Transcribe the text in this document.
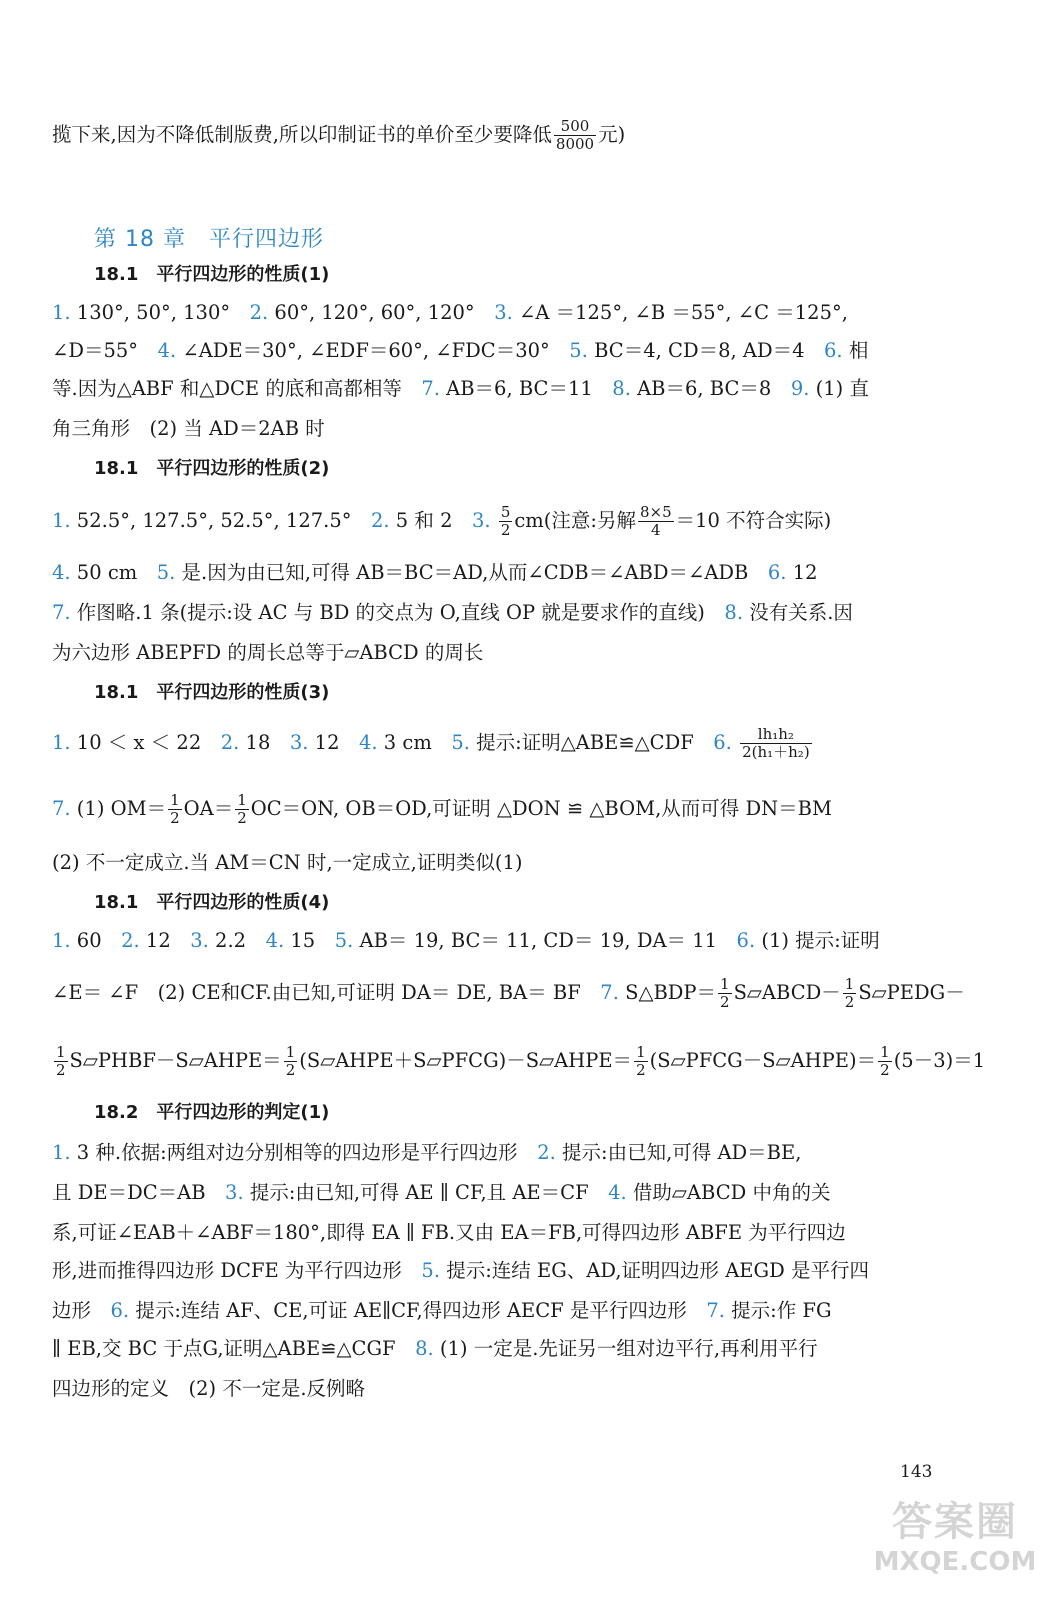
揽下来,因为不降低制版费,所以印制证书的单价至少要降低 $\frac{500}{8000}$ 元)
第 18 章　平行四边形
18.1　平行四边形的性质(1)
1. 130°, 50°, 130°　2. 60°, 120°, 60°, 120°　3. ∠A ＝125°, ∠B ＝55°, ∠C ＝125°,
∠D＝55°　4. ∠ADE＝30°, ∠EDF＝60°, ∠FDC＝30°　5. BC＝4, CD＝8, AD＝4　6. 相
等.因为△ABF 和△DCE 的底和高都相等　7. AB＝6, BC＝11　8. AB＝6, BC＝8　9. (1) 直
角三角形　(2) 当 AD＝2AB 时
18.1　平行四边形的性质(2)
1. 52.5°, 127.5°, 52.5°, 127.5°　2. 5 和 2　3. $\frac{5}{2} cm$(注意:另解 $\frac{8\times 5}{4} =10$ 不符合实际)
4. 50 cm　5. 是.因为由已知,可得 AB＝BC＝AD,从而∠CDB＝∠ABD＝∠ADB　6. 12
7. 作图略.1 条(提示:设 AC 与 BD 的交点为 O,直线 OP 就是要求作的直线)　8. 没有关系.因
为六边形 ABEPFD 的周长总等于▱ABCD 的周长
18.1　平行四边形的性质(3)
1. 10 ＜ x ＜ 22　2. 18　3. 12　4. 3 cm　5. 提示:证明△ABE≌△CDF　6. $\frac{\text{lh₁h₂}}{\text{2(h₁＋h₂)}}$
7. (1) $OM= \frac{1}{2} OA= \frac{1}{2} OC=ON$, OB＝OD,可证明 △DON ≌ △BOM,从而可得 DN＝BM
(2) 不一定成立.当 AM＝CN 时,一定成立,证明类似(1)
18.1　平行四边形的性质(4)
1. 60　2. 12　3. 2.2　4. 15　5. AB＝ 19, BC＝ 11, CD＝ 19, DA＝ 11　6. (1) 提示:证明
∠E＝ ∠F　(2) CE和CF.由已知,可证明 DA＝ DE, BA＝ BF　7. S△BDP＝ $\frac{1}{2}$ S▱ABCD－ $\frac{1}{2}$ S▱PEDG－
$\frac{1}{2}$ S▱PHBF－S▱AHPE＝ $\frac{1}{2}$ (S▱AHPE＋S▱PFCG)－S▱AHPE＝ $\frac{1}{2}$ (S▱PFCG－S▱AHPE)＝ $\frac{1}{2} (5-3)=1$
18.2　平行四边形的判定(1)
1. 3 种.依据:两组对边分别相等的四边形是平行四边形　2. 提示:由已知,可得 AD＝BE,
且 DE＝DC＝AB　3. 提示:由已知,可得 AE ∥ CF,且 AE＝CF　4. 借助▱ABCD 中角的关
系,可证∠EAB＋∠ABF＝180°,即得 EA ∥ FB.又由 EA＝FB,可得四边形 ABFE 为平行四边
形,进而推得四边形 DCFE 为平行四边形　5. 提示:连结 EG、AD,证明四边形 AEGD 是平行四
边形　6. 提示:连结 AF、CE,可证 AE∥CF,得四边形 AECF 是平行四边形　7. 提示:作 FG
∥ EB,交 BC 于点G,证明△ABE≌△CGF　8. (1) 一定是.先证另一组对边平行,再利用平行
四边形的定义　(2) 不一定是.反例略
143
答案圈
MXQE.COM
